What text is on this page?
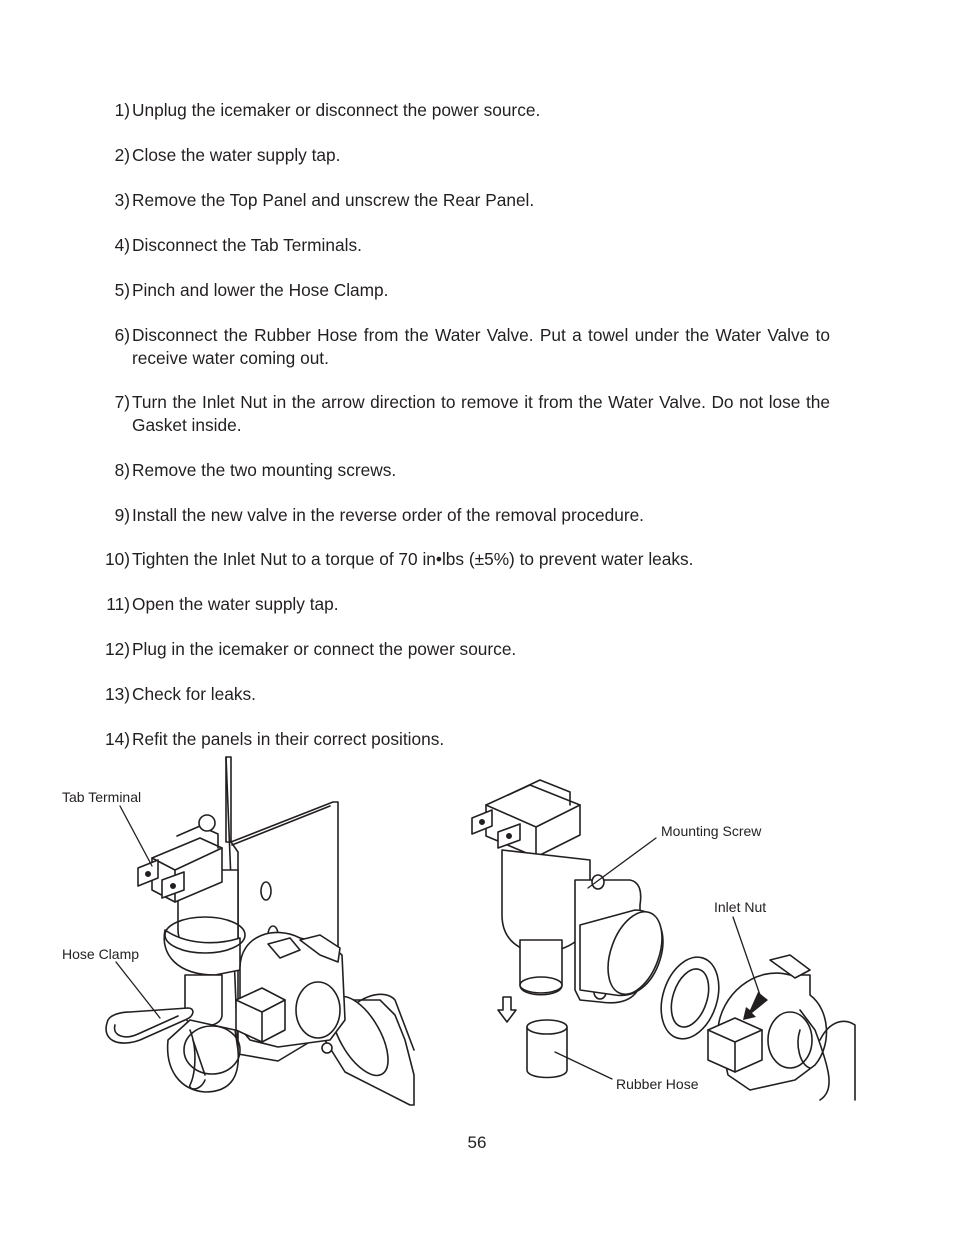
1) Unplug the icemaker or disconnect the power source.
2) Close the water supply tap.
3) Remove the Top Panel and unscrew the Rear Panel.
4) Disconnect the Tab Terminals.
5) Pinch and lower the Hose Clamp.
6) Disconnect the Rubber Hose from the Water Valve. Put a towel under the Water Valve to receive water coming out.
7) Turn the Inlet Nut in the arrow direction to remove it from the Water Valve. Do not lose the Gasket inside.
8) Remove the two mounting screws.
9) Install the new valve in the reverse order of the removal procedure.
10) Tighten the Inlet Nut to a torque of 70 in•lbs (±5%) to prevent water leaks.
11) Open the water supply tap.
12) Plug in the icemaker or connect the power source.
13) Check for leaks.
14) Refit the panels in their correct positions.
Tab Terminal
Hose Clamp
Mounting Screw
Inlet Nut
Rubber Hose
56
